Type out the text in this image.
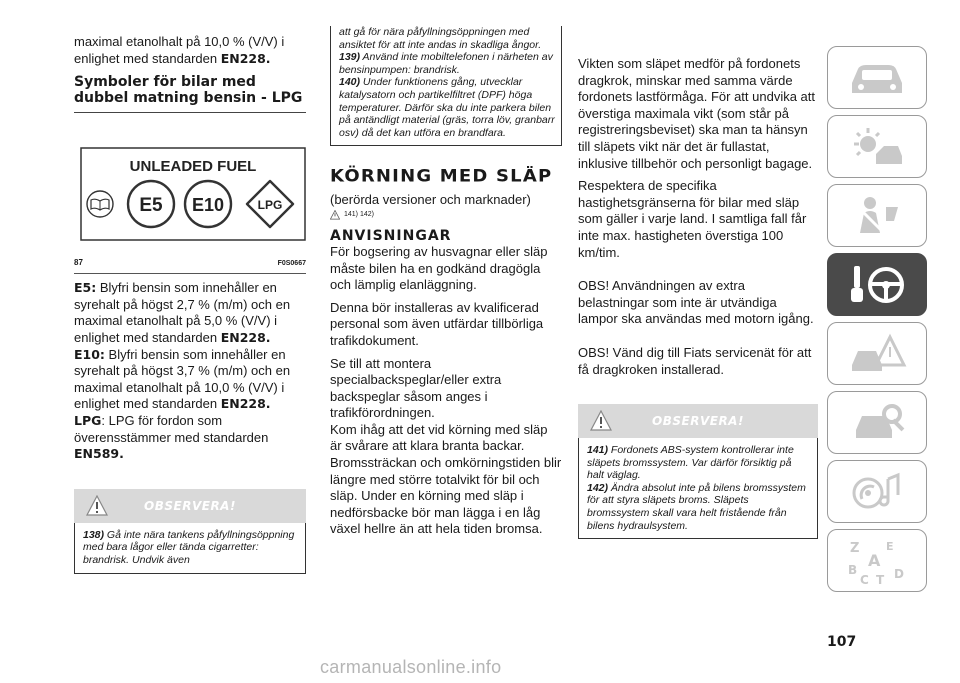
maximal etanolhalt på 10,0 % (V/V) i enlighet med standarden EN228.

Symboler för bilar med dubbel matning bensin - LPG
UNLEADED FUEL
E5 E10	LPG
87	F0S0667

E5: Blyfri bensin som innehåller en syrehalt på högst 2,7 % (m/m) och en maximal etanolhalt på 5,0 % (V/V) i enlighet med standarden EN228.

E10: Blyfri bensin som innehåller en syrehalt på högst 3,7 % (m/m) och en maximal etanolhalt på 10,0 % (V/V) i enlighet med standarden EN228.

LPG: LPG för fordon som överensstämmer med standarden EN589.

OBSERVERA!

138) Gå inte nära tankens påfyllningsöppning med bara lågor eller tända cigarretter: brandrisk. Undvik även

att gå för nära påfyllningsöppningen med ansiktet för att inte andas in skadliga ångor.

139) Använd inte mobiltelefonen i närheten av bensinpumpen: brandrisk.

140) Under funktionens gång, utvecklar katalysatorn och partikelfiltret (DPF) höga temperaturer. Därför ska du inte parkera bilen på antändligt material (gräs, torra löv, granbarr osv) då det kan utföra en brandfara.

KÖRNING MED SLÄP

(berörda versioner och marknader)

141) 142)
ANVISNINGAR

För bogsering av husvagnar eller släp måste bilen ha en godkänd dragögla och lämplig elanläggning.

Denna bör installeras av kvalificerad personal som även utfärdar tillbörliga trafikdokument.

Se till att montera specialbackspeglar/eller extra backspeglar såsom anges i trafikförordningen.

Kom ihåg att det vid körning med släp är svårare att klara branta backar. Bromssträckan och omkörningstiden blir längre med större totalvikt för bil och släp. Under en körning med släp i nedförsbacke bör man lägga i en låg växel hellre än att hela tiden bromsa.

Vikten som släpet medför på fordonets dragkrok, minskar med samma värde fordonets lastförmåga. För att undvika att överstiga maximala vikt (som står på registreringsbeviset) ska man ta hänsyn till släpets vikt när det är fullastat, inklusive tillbehör och personligt bagage.

Respektera de specifika hastighetsgränserna för bilar med släp som gäller i varje land. I samtliga fall får inte max. hastigheten överstiga 100 km/tim.

OBS! Användningen av extra belastningar som inte är utvändiga lampor ska användas med motorn igång.

OBS! Vänd dig till Fiats servicenät för att få dragkroken installerad.

OBSERVERA!

141) Fordonets ABS-system kontrollerar inte släpets bromssystem. Var därför försiktig på halt väglag.

142) Ändra absolut inte på bilens bromssystem för att styra släpets broms. Släpets bromssystem skall vara helt fristående från bilens hydraulsystem.

Z E
A
B
C D
T
107
carmanualsonline.info
